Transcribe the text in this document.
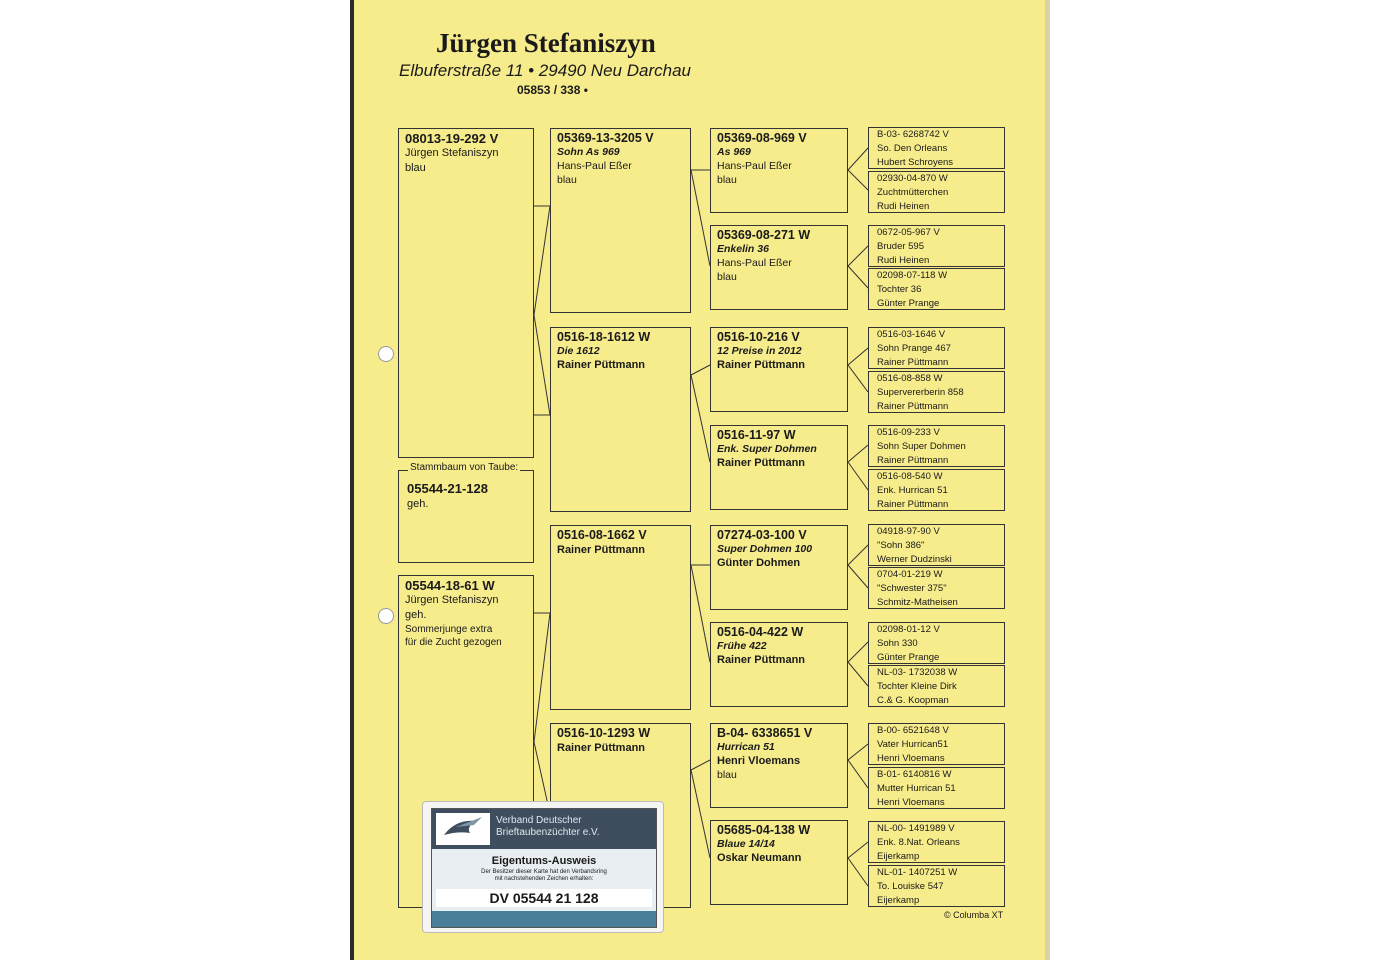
Jürgen Stefaniszyn
Elbuferstraße 11 • 29490 Neu Darchau
05853 / 338 •
08013-19-292 V
Jürgen Stefaniszyn
blau
Stammbaum von Taube:
05544-21-128
geh.
05544-18-61 W
Jürgen Stefaniszyn
geh.
Sommerjunge extra
für die Zucht gezogen
05369-13-3205 V
Sohn As 969
Hans-Paul Eßer
blau
0516-18-1612 W
Die 1612
Rainer Püttmann
0516-08-1662 V
Rainer Püttmann
0516-10-1293 W
Rainer Püttmann
05369-08-969 V
As 969
Hans-Paul Eßer
blau
05369-08-271 W
Enkelin 36
Hans-Paul Eßer
blau
0516-10-216 V
12 Preise in 2012
Rainer Püttmann
0516-11-97 W
Enk. Super Dohmen
Rainer Püttmann
07274-03-100 V
Super Dohmen 100
Günter Dohmen
0516-04-422 W
Frühe 422
Rainer Püttmann
B-04- 6338651 V
Hurrican 51
Henri Vloemans
blau
05685-04-138 W
Blaue 14/14
Oskar Neumann
B-03- 6268742 V
So. Den Orleans
Hubert Schroyens
02930-04-870 W
Zuchtmütterchen
Rudi Heinen
0672-05-967 V
Bruder 595
Rudi Heinen
02098-07-118 W
Tochter 36
Günter Prange
0516-03-1646 V
Sohn Prange 467
Rainer Püttmann
0516-08-858 W
Supervererberin 858
Rainer Püttmann
0516-09-233 V
Sohn Super Dohmen
Rainer Püttmann
0516-08-540 W
Enk. Hurrican 51
Rainer Püttmann
04918-97-90 V
"Sohn 386"
Werner Dudzinski
0704-01-219 W
"Schwester 375"
Schmitz-Matheisen
02098-01-12 V
Sohn 330
Günter Prange
NL-03- 1732038 W
Tochter Kleine Dirk
C.& G. Koopman
B-00- 6521648 V
Vater Hurrican51
Henri Vloemans
B-01- 6140816 W
Mutter Hurrican 51
Henri Vloemans
NL-00- 1491989 V
Enk. 8.Nat. Orleans
Eijerkamp
NL-01- 1407251 W
To. Louiske 547
Eijerkamp
© Columba XT
Verband Deutscher
Brieftaubenzüchter e.V.
Eigentums-Ausweis
Der Besitzer dieser Karte hat den Verbandsring
mit nachstehenden Zeichen erhalten:
DV 05544 21 128
